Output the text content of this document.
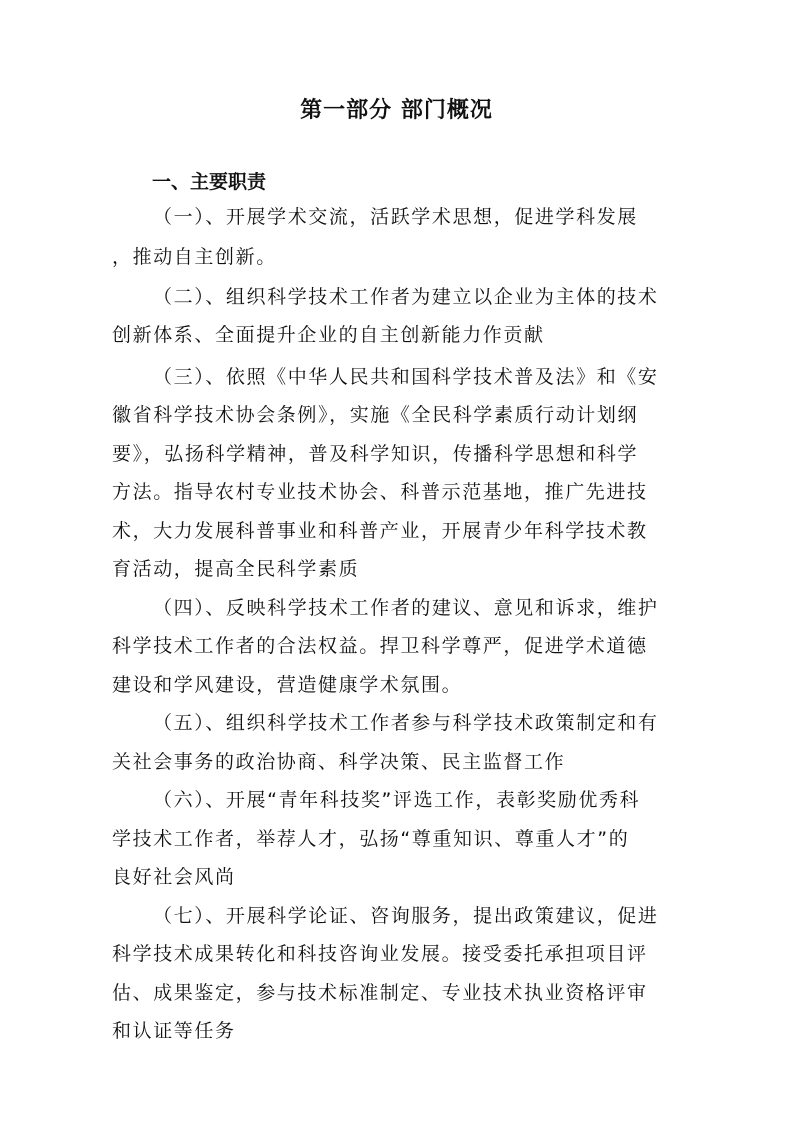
第一部分 部门概况
一、主要职责
（一）、开展学术交流，活跃学术思想，促进学科发展
，推动自主创新。
（二）、组织科学技术工作者为建立以企业为主体的技术
创新体系、全面提升企业的自主创新能力作贡献
（三）、依照《中华人民共和国科学技术普及法》和《安
徽省科学技术协会条例》，实施《全民科学素质行动计划纲
要》，弘扬科学精神，普及科学知识，传播科学思想和科学
方法。指导农村专业技术协会、科普示范基地，推广先进技
术，大力发展科普事业和科普产业，开展青少年科学技术教
育活动，提高全民科学素质
（四）、反映科学技术工作者的建议、意见和诉求，维护
科学技术工作者的合法权益。捍卫科学尊严，促进学术道德
建设和学风建设，营造健康学术氛围。
（五）、组织科学技术工作者参与科学技术政策制定和有
关社会事务的政治协商、科学决策、民主监督工作
（六）、开展“青年科技奖”评选工作，表彰奖励优秀科
学技术工作者，举荐人才，弘扬“尊重知识、尊重人才”的
良好社会风尚
（七）、开展科学论证、咨询服务，提出政策建议，促进
科学技术成果转化和科技咨询业发展。接受委托承担项目评
估、成果鉴定，参与技术标准制定、专业技术执业资格评审
和认证等任务
